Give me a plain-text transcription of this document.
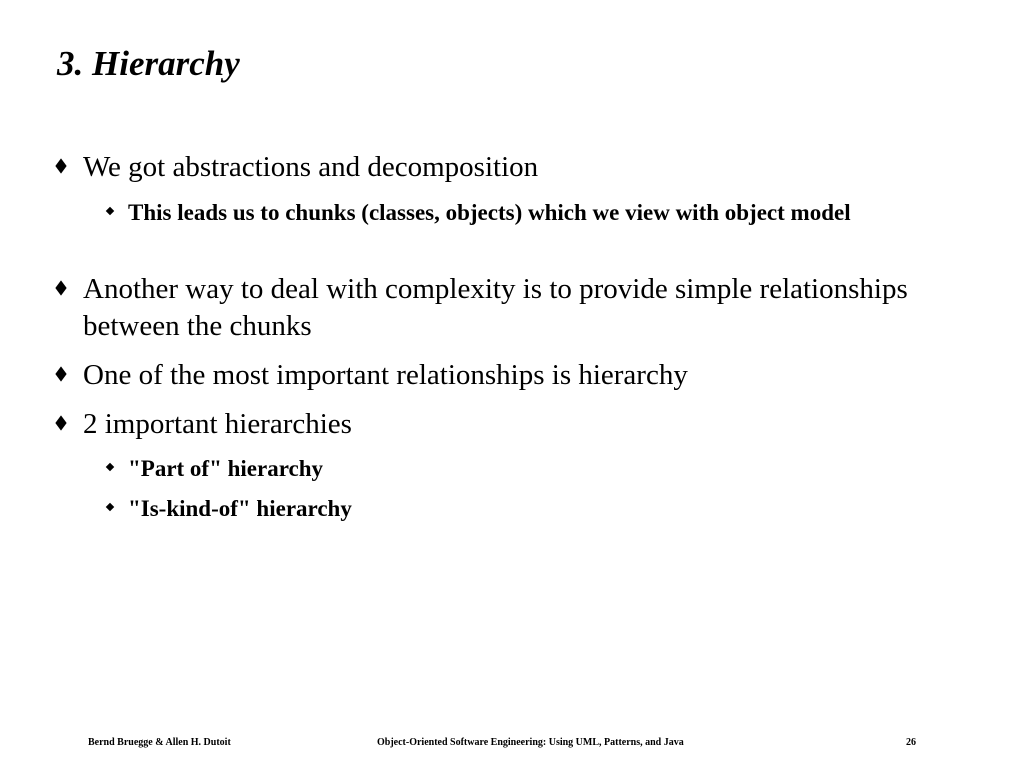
3. Hierarchy
We got abstractions and decomposition
This leads us to chunks (classes, objects) which we view with object model
Another way to deal with complexity is to provide simple relationships between the chunks
One of the most important relationships is hierarchy
2 important hierarchies
"Part of" hierarchy
"Is-kind-of" hierarchy
Bernd Bruegge & Allen H. Dutoit	Object-Oriented Software Engineering: Using UML, Patterns, and Java	26
